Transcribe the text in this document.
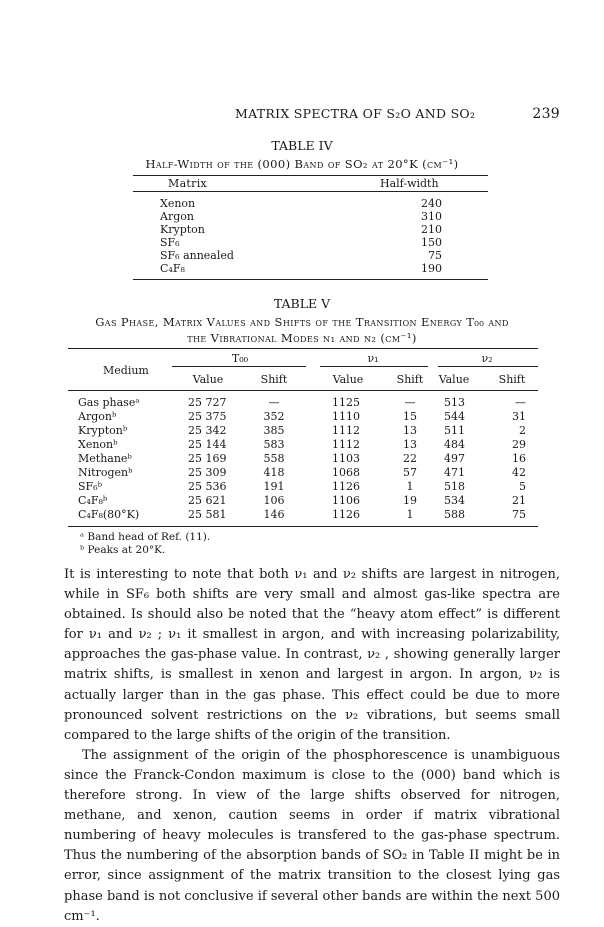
MATRIX SPECTRA OF S₂O AND SO₂	239
TABLE IV
Half-Width of the (000) Band of SO₂ at 20°K (cm⁻¹)
Matrix	Half-width
Xenon	240
Argon	310
Krypton	210
SF₆	150
SF₆ annealed	75
C₄F₈	190
TABLE V
Gas Phase, Matrix Values and Shifts of the Transition Energy T₀₀ and
the Vibrational Modes ν₁ and ν₂ (cm⁻¹)
Medium
T₀₀	ν₁	ν₂
Value	Shift	Value	Shift	Value	Shift
Gas phaseᵃ	25 727	—	1125	—	513	—
Argonᵇ	25 375	352	1110	15	544	31
Kryptonᵇ	25 342	385	1112	13	511	2
Xenonᵇ	25 144	583	1112	13	484	29
Methaneᵇ	25 169	558	1103	22	497	16
Nitrogenᵇ	25 309	418	1068	57	471	42
SF₆ᵇ	25 536	191	1126	1	518	5
C₄F₈ᵇ	25 621	106	1106	19	534	21
C₄F₈(80°K)	25 581	146	1126	1	588	75
ᵃ Band head of Ref. (11).
ᵇ Peaks at 20°K.

It is interesting to note that both ν₁ and ν₂ shifts are largest in nitrogen, while in SF₆ both shifts are very small and almost gas-like spectra are obtained. Is should also be noted that the “heavy atom effect” is different for ν₁ and ν₂ ; ν₁ it smallest in argon, and with increasing polarizability, approaches the gas-phase value. In contrast, ν₂ , showing generally larger matrix shifts, is smallest in xenon and largest in argon. In argon, ν₂ is actually larger than in the gas phase. This effect could be due to more pronounced solvent restrictions on the ν₂ vibrations, but seems small compared to the large shifts of the origin of the transition.

The assignment of the origin of the phosphorescence is unambiguous since the Franck-Condon maximum is close to the (000) band which is therefore strong. In view of the large shifts observed for nitrogen, methane, and xenon, caution seems in order if matrix vibrational numbering of heavy molecules is transfered to the gas-phase spectrum. Thus the numbering of the absorption bands of SO₂ in Table II might be in error, since assignment of the matrix transition to the closest lying gas phase band is not conclusive if several other bands are within the next 500 cm⁻¹.
